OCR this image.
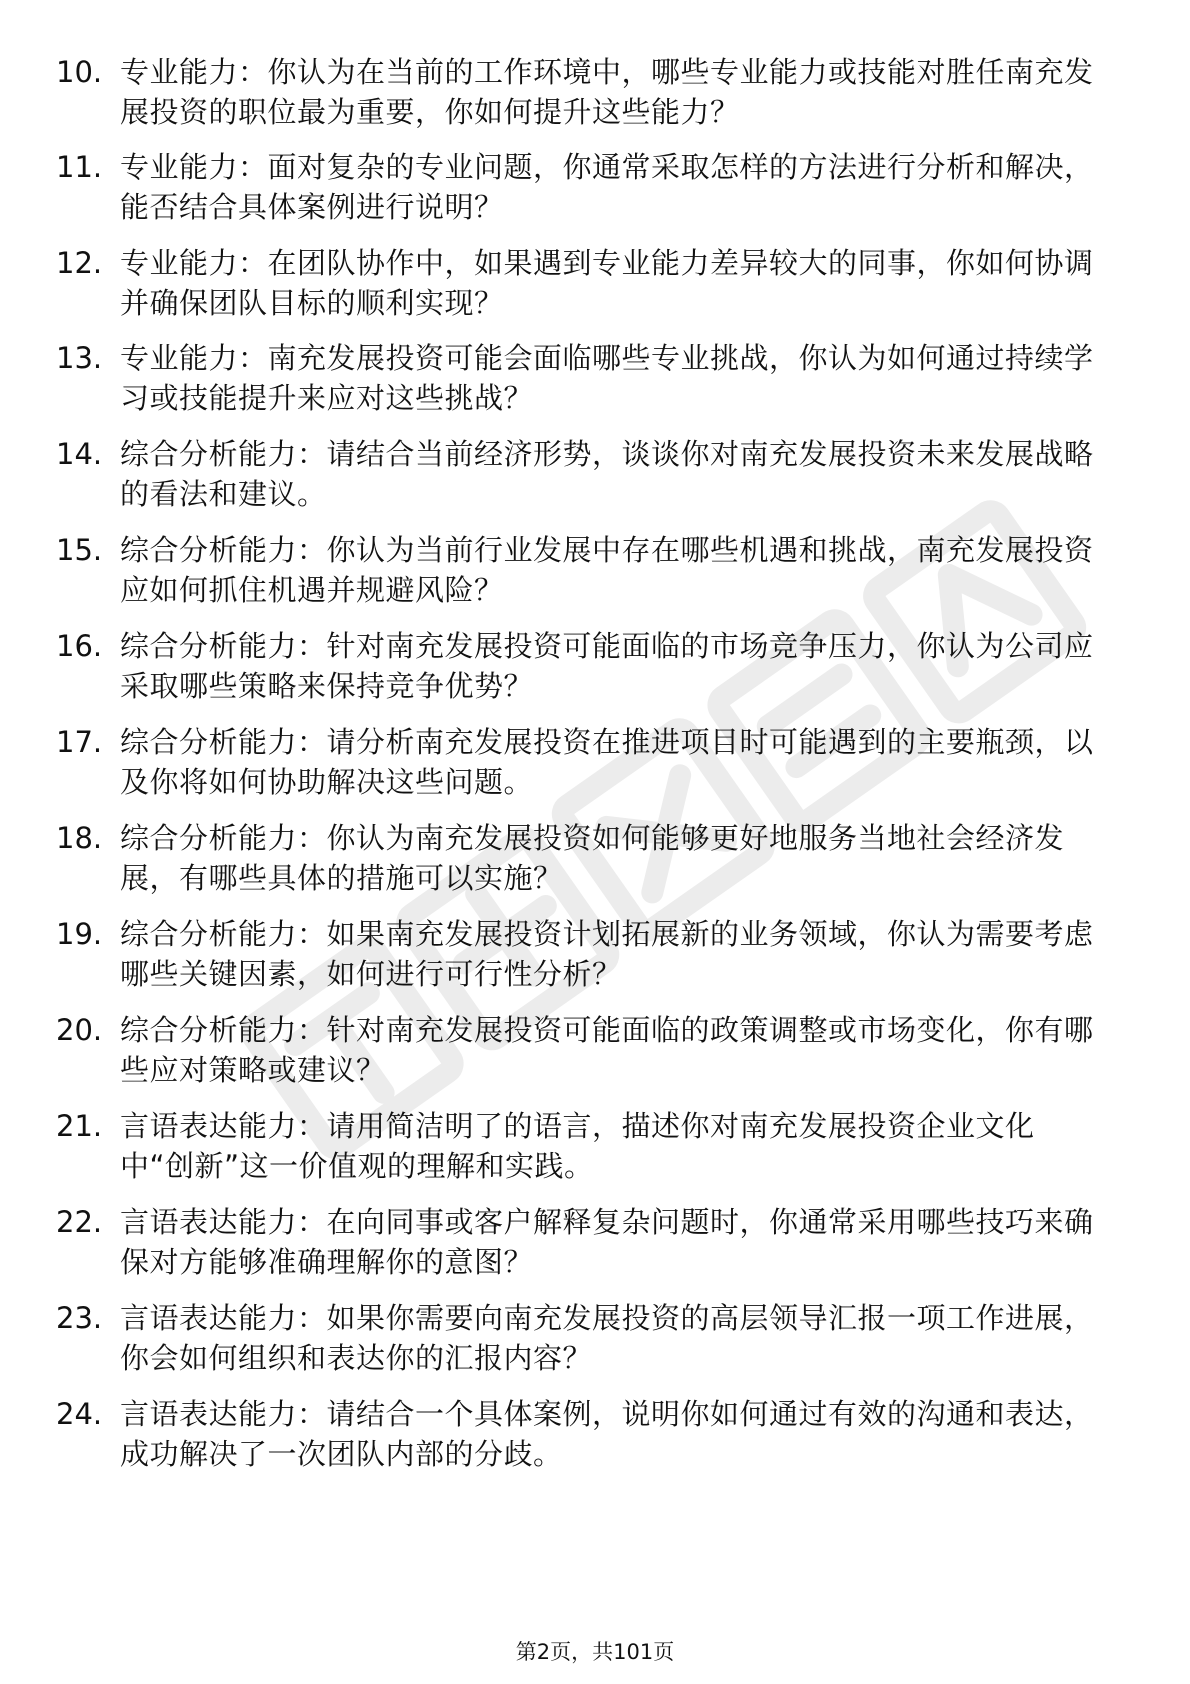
10. 专业能力：你认为在当前的工作环境中，哪些专业能力或技能对胜任南充发展投资的职位最为重要，你如何提升这些能力？
11. 专业能力：面对复杂的专业问题，你通常采取怎样的方法进行分析和解决，能否结合具体案例进行说明？
12. 专业能力：在团队协作中，如果遇到专业能力差异较大的同事，你如何协调并确保团队目标的顺利实现？
13. 专业能力：南充发展投资可能会面临哪些专业挑战，你认为如何通过持续学习或技能提升来应对这些挑战？
14. 综合分析能力：请结合当前经济形势，谈谈你对南充发展投资未来发展战略的看法和建议。
15. 综合分析能力：你认为当前行业发展中存在哪些机遇和挑战，南充发展投资应如何抓住机遇并规避风险？
16. 综合分析能力：针对南充发展投资可能面临的市场竞争压力，你认为公司应采取哪些策略来保持竞争优势？
17. 综合分析能力：请分析南充发展投资在推进项目时可能遇到的主要瓶颈，以及你将如何协助解决这些问题。
18. 综合分析能力：你认为南充发展投资如何能够更好地服务当地社会经济发展，有哪些具体的措施可以实施？
19. 综合分析能力：如果南充发展投资计划拓展新的业务领域，你认为需要考虑哪些关键因素，如何进行可行性分析？
20. 综合分析能力：针对南充发展投资可能面临的政策调整或市场变化，你有哪些应对策略或建议？
21. 言语表达能力：请用简洁明了的语言，描述你对南充发展投资企业文化中“创新”这一价值观的理解和实践。
22. 言语表达能力：在向同事或客户解释复杂问题时，你通常采用哪些技巧来确保对方能够准确理解你的意图？
23. 言语表达能力：如果你需要向南充发展投资的高层领导汇报一项工作进展，你会如何组织和表达你的汇报内容？
24. 言语表达能力：请结合一个具体案例，说明你如何通过有效的沟通和表达，成功解决了一次团队内部的分歧。
第2页，共101页
